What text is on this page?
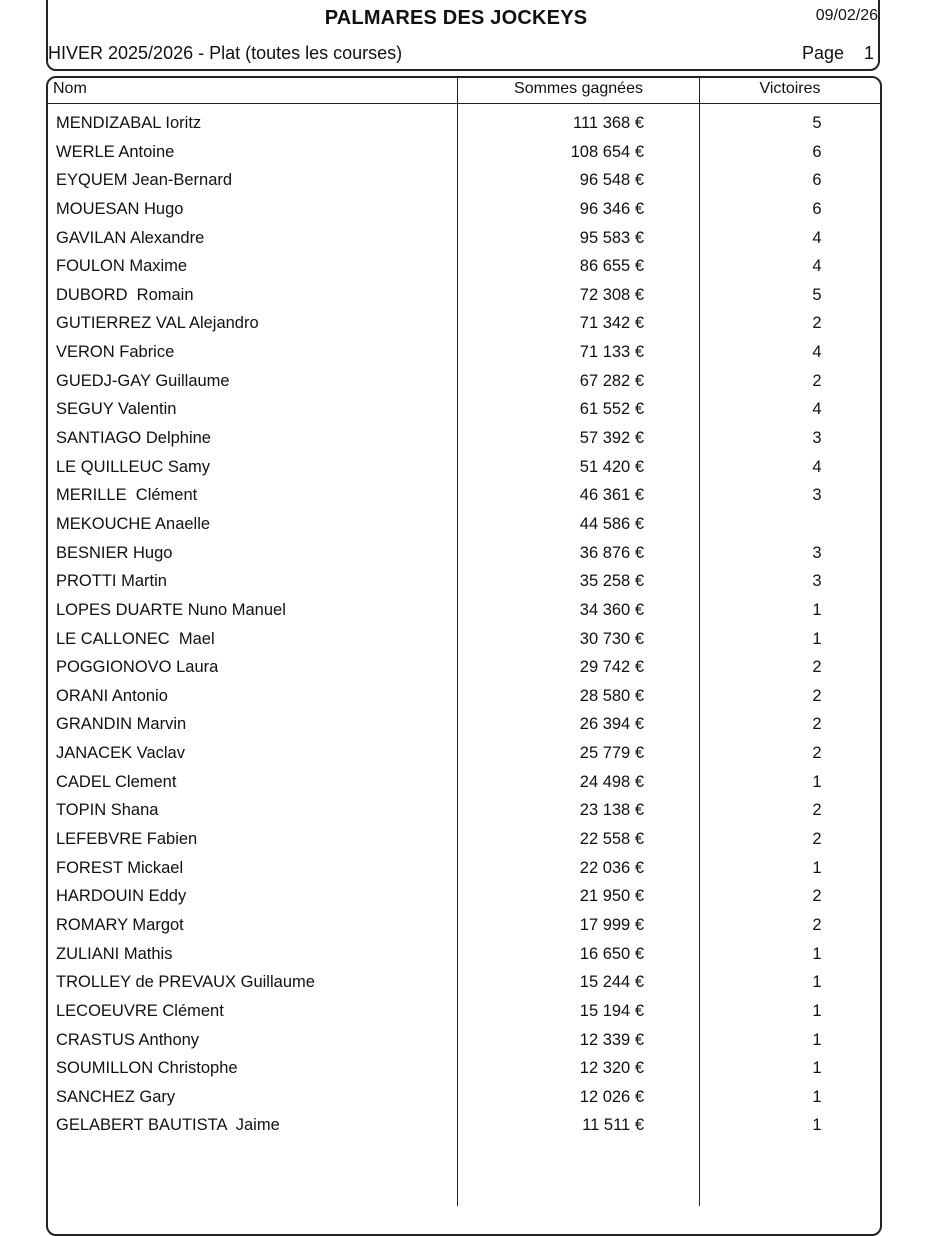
PALMARES DES JOCKEYS	09/02/26
HIVER 2025/2026 - Plat (toutes les courses)	Page 1
Nom	Sommes gagnées	Victoires
MENDIZABAL Ioritz	111 368 €	5
WERLE Antoine	108 654 €	6
EYQUEM Jean-Bernard	96 548 €	6
MOUESAN Hugo	96 346 €	6
GAVILAN Alexandre	95 583 €	4
FOULON Maxime	86 655 €	4
DUBORD  Romain	72 308 €	5
GUTIERREZ VAL Alejandro	71 342 €	2
VERON Fabrice	71 133 €	4
GUEDJ-GAY Guillaume	67 282 €	2
SEGUY Valentin	61 552 €	4
SANTIAGO Delphine	57 392 €	3
LE QUILLEUC Samy	51 420 €	4
MERILLE  Clément	46 361 €	3
MEKOUCHE Anaelle	44 586 €
BESNIER Hugo	36 876 €	3
PROTTI Martin	35 258 €	3
LOPES DUARTE Nuno Manuel	34 360 €	1
LE CALLONEC  Mael	30 730 €	1
POGGIONOVO Laura	29 742 €	2
ORANI Antonio	28 580 €	2
GRANDIN Marvin	26 394 €	2
JANACEK Vaclav	25 779 €	2
CADEL Clement	24 498 €	1
TOPIN Shana	23 138 €	2
LEFEBVRE Fabien	22 558 €	2
FOREST Mickael	22 036 €	1
HARDOUIN Eddy	21 950 €	2
ROMARY Margot	17 999 €	2
ZULIANI Mathis	16 650 €	1
TROLLEY de PREVAUX Guillaume	15 244 €	1
LECOEUVRE Clément	15 194 €	1
CRASTUS Anthony	12 339 €	1
SOUMILLON Christophe	12 320 €	1
SANCHEZ Gary	12 026 €	1
GELABERT BAUTISTA  Jaime	11 511 €	1
